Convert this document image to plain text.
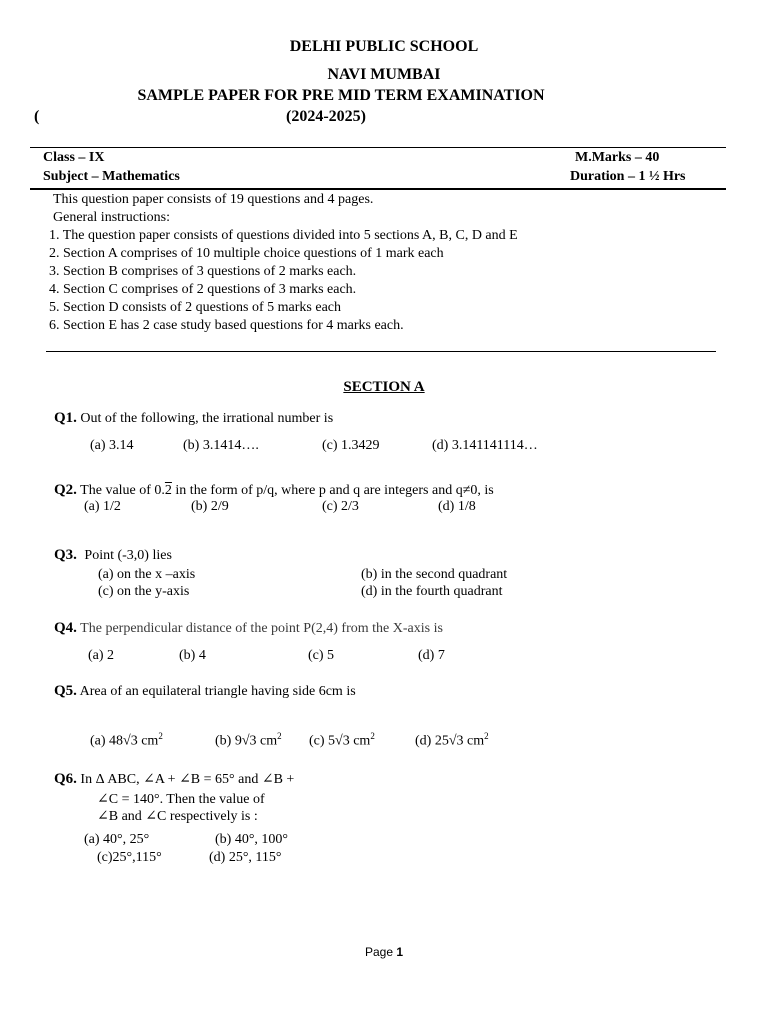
DELHI PUBLIC SCHOOL
NAVI MUMBAI
SAMPLE PAPER FOR PRE MID TERM EXAMINATION
(	(2024-2025)
Class – IX	M.Marks – 40
Subject – Mathematics	Duration – 1 ½ Hrs
This question paper consists of 19 questions and 4 pages.
General instructions:
1. The question paper consists of questions divided into 5 sections A, B, C, D and E
2. Section A comprises of 10 multiple choice questions of 1 mark each
3. Section B comprises of 3 questions of 2 marks each.
4. Section C comprises of 2 questions of 3 marks each.
5. Section D consists of 2 questions of 5 marks each
6. Section E has 2 case study based questions for 4 marks each.
SECTION A
Q1. Out of the following, the irrational number is
(a) 3.14	(b) 3.1414….	(c) 1.3429	(d) 3.141141114…
Q2. The value of 0.2 in the form of p/q, where p and q are integers and q≠0, is
(a) 1/2	(b) 2/9	(c) 2/3	(d) 1/8
Q3. Point (-3,0) lies
(a) on the x –axis	(b) in the second quadrant
(c) on the y-axis	(d) in the fourth quadrant
Q4. The perpendicular distance of the point P(2,4) from the X-axis is
(a) 2	(b) 4	(c) 5	(d) 7
Q5. Area of an equilateral triangle having side 6cm is
(a) 48√3 $cm^2$	(b) 9√3 $cm^2$ (c) 5√3 $cm^2$	(d) 25√3 $cm^2$
Q6. In Δ ABC, ∠A + ∠B = 65° and ∠B +
∠C = 140°. Then the value of
∠B and ∠C respectively is :
(a) 40°, 25°	(b) 40°, 100°
(c)25°,115°	(d) 25°, 115°
Page 1
